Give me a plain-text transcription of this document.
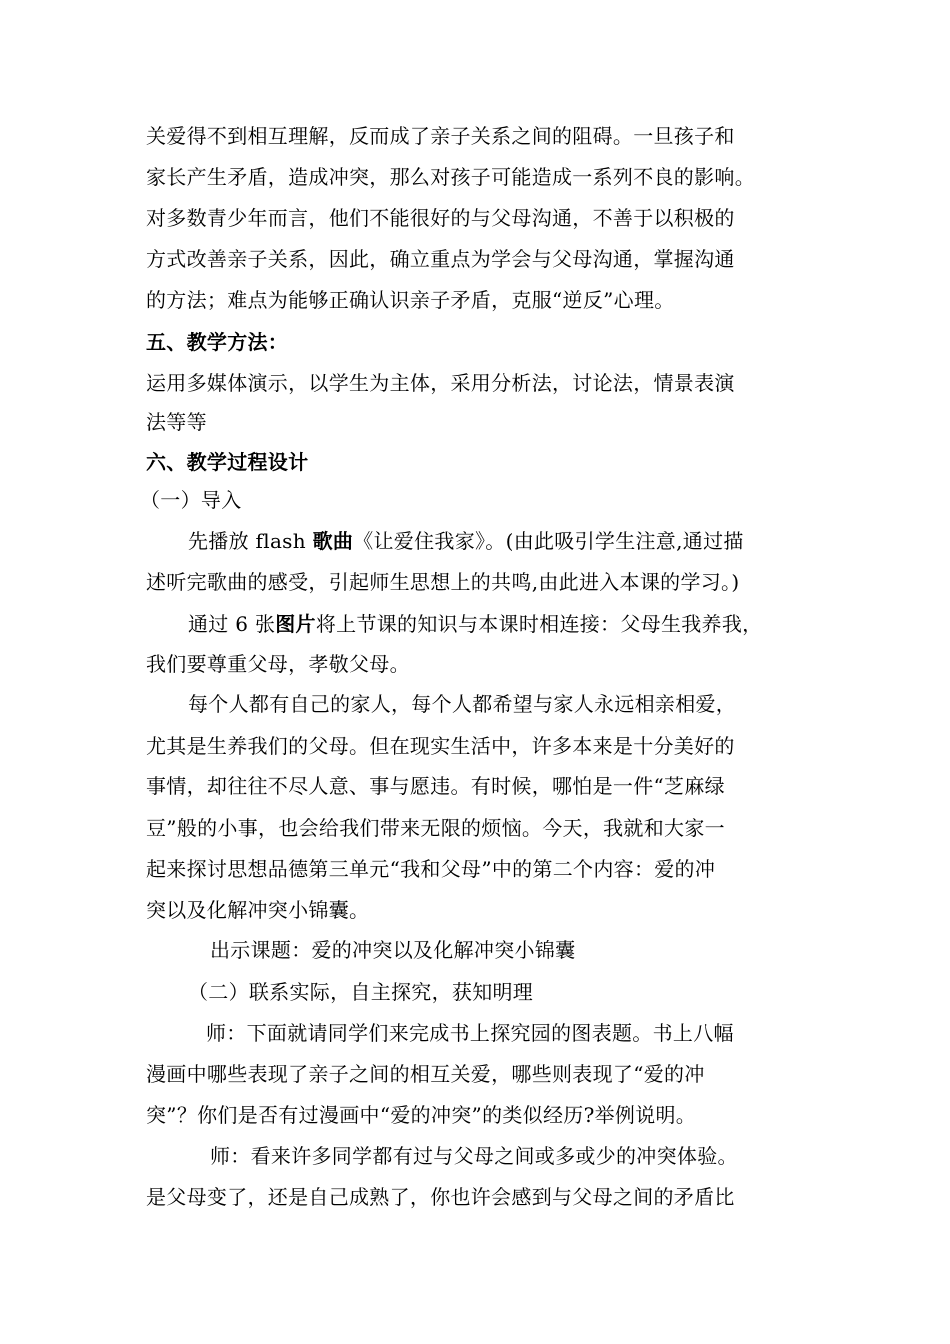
关爱得不到相互理解，反而成了亲子关系之间的阻碍。一旦孩子和
家长产生矛盾，造成冲突，那么对孩子可能造成一系列不良的影响。
对多数青少年而言，他们不能很好的与父母沟通，不善于以积极的
方式改善亲子关系，因此，确立重点为学会与父母沟通，掌握沟通
的方法；难点为能够正确认识亲子矛盾，克服“逆反”心理。
五、教学方法：
运用多媒体演示，以学生为主体，采用分析法，讨论法，情景表演
法等等
六、教学过程设计
（一）导入
先播放 flash 歌曲《让爱住我家》。(由此吸引学生注意,通过描
述听完歌曲的感受，引起师生思想上的共鸣,由此进入本课的学习。)
通过 6 张图片将上节课的知识与本课时相连接：父母生我养我，
我们要尊重父母，孝敬父母。
每个人都有自己的家人，每个人都希望与家人永远相亲相爱，
尤其是生养我们的父母。但在现实生活中，许多本来是十分美好的
事情，却往往不尽人意、事与愿违。有时候，哪怕是一件“芝麻绿
豆”般的小事，也会给我们带来无限的烦恼。今天，我就和大家一
起来探讨思想品德第三单元“我和父母”中的第二个内容：爱的冲
突以及化解冲突小锦囊。
出示课题：爱的冲突以及化解冲突小锦囊
（二）联系实际，自主探究，获知明理
师：下面就请同学们来完成书上探究园的图表题。书上八幅
漫画中哪些表现了亲子之间的相互关爱，哪些则表现了“爱的冲
突”？你们是否有过漫画中“爱的冲突”的类似经历?举例说明。
师：看来许多同学都有过与父母之间或多或少的冲突体验。
是父母变了，还是自己成熟了，你也许会感到与父母之间的矛盾比
